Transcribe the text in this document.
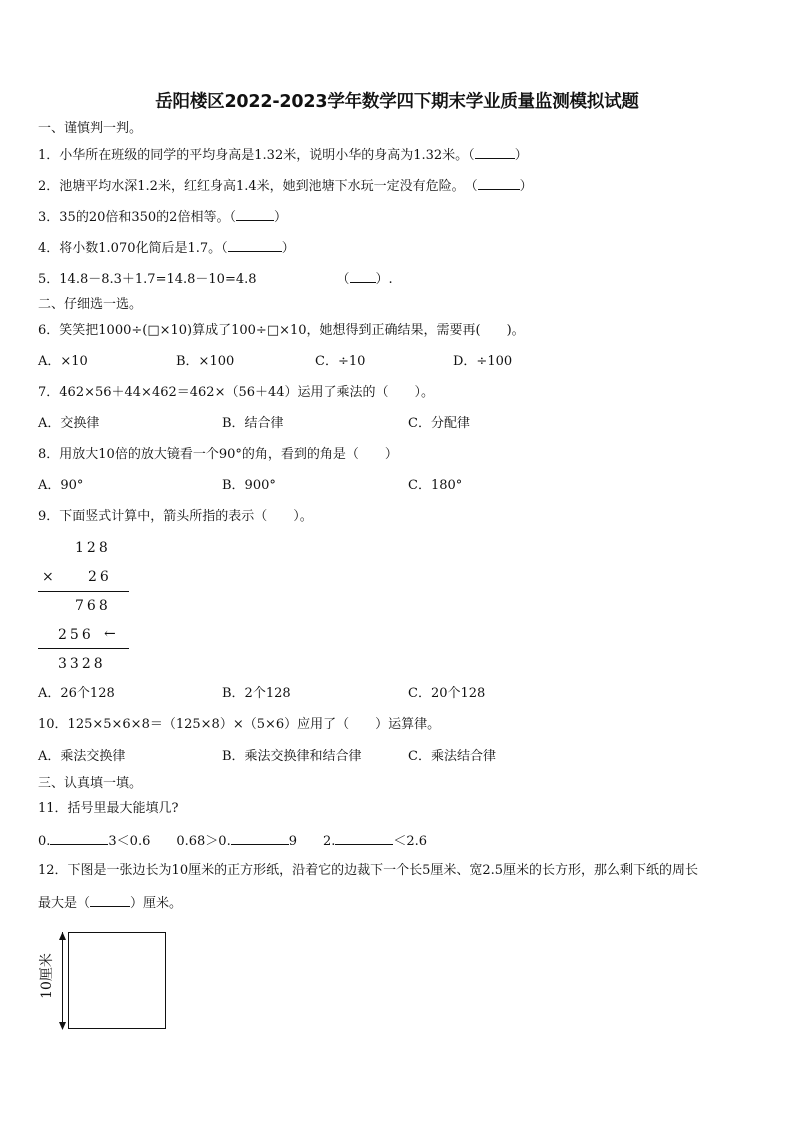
岳阳楼区2022-2023学年数学四下期末学业质量监测模拟试题
一、谨慎判一判。
1．小华所在班级的同学的平均身高是1.32米，说明小华的身高为1.32米。（	）
2．池塘平均水深1.2米，红红身高1.4米，她到池塘下水玩一定没有危险。　（	）
3．35的20倍和350的2倍相等。（	）
4．将小数1.070化简后是1.7。（	）
5．14.8－8.3＋1.7=14.8－10=4.8	（ ）.
二、仔细选一选。
6．笑笑把1000÷(□×10)算成了100÷□×10，她想得到正确结果，需要再(　　)。
A．×10	B．×100	C．÷10	D．÷100
7．462×56＋44×462＝462×（56＋44）运用了乘法的（　　）。
A．交换律	B．结合律	C．分配律
8．用放大10倍的放大镜看一个90°的角，看到的角是（　　）
A．90°	B．900°	C．180°
9．下面竖式计算中，箭头所指的表示（　　）。
128
× 26
768
256 ←
3328
A．26个128	B．2个128	C．20个128
10．125×5×6×8＝（125×8）×（5×6）应用了（　　）运算律。
A．乘法交换律	B．乘法交换律和结合律	C．乘法结合律
三、认真填一填。
11．括号里最大能填几?
0.	3＜0.6 0.68＞0.	9 2.	＜2.6
12．下图是一张边长为10厘米的正方形纸，沿着它的边裁下一个长5厘米、宽2.5厘米的长方形，那么剩下纸的周长
最大是（	）厘米。
10厘米
